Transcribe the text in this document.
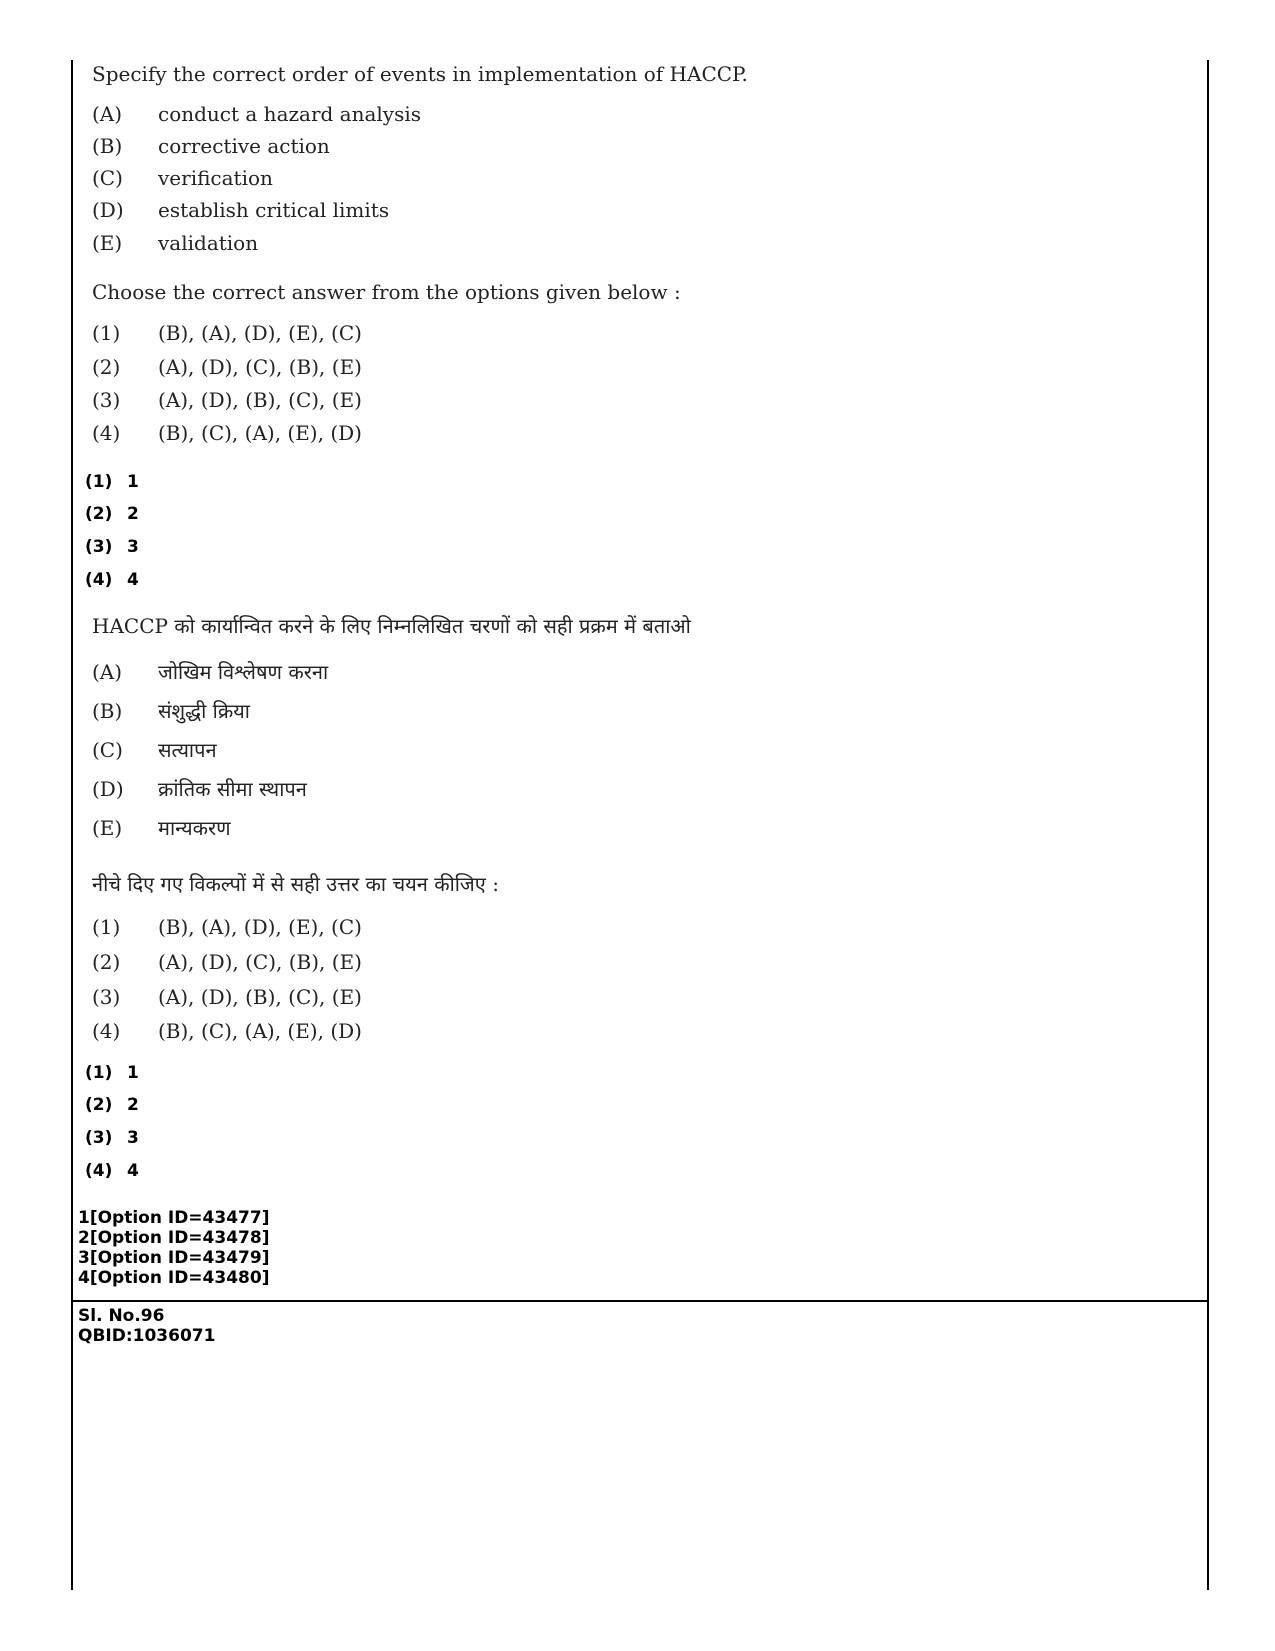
Specify the correct order of events in implementation of HACCP.
(A) conduct a hazard analysis
(B) corrective action
(C) verification
(D) establish critical limits
(E) validation
Choose the correct answer from the options given below :
(1) (B), (A), (D), (E), (C)
(2) (A), (D), (C), (B), (E)
(3) (A), (D), (B), (C), (E)
(4) (B), (C), (A), (E), (D)
(1) 1
(2) 2
(3) 3
(4) 4
HACCP को कार्यान्वित करने के लिए निम्नलिखित चरणों को सही प्रक्रम में बताओ
(A) जोखिम विश्लेषण करना
(B) संशुद्धी क्रिया
(C) सत्यापन
(D) क्रांतिक सीमा स्थापन
(E) मान्यकरण
नीचे दिए गए विकल्पों में से सही उत्तर का चयन कीजिए :
(1) (B), (A), (D), (E), (C)
(2) (A), (D), (C), (B), (E)
(3) (A), (D), (B), (C), (E)
(4) (B), (C), (A), (E), (D)
(1) 1
(2) 2
(3) 3
(4) 4
1[Option ID=43477]
2[Option ID=43478]
3[Option ID=43479]
4[Option ID=43480]
Sl. No.96
QBID:1036071
